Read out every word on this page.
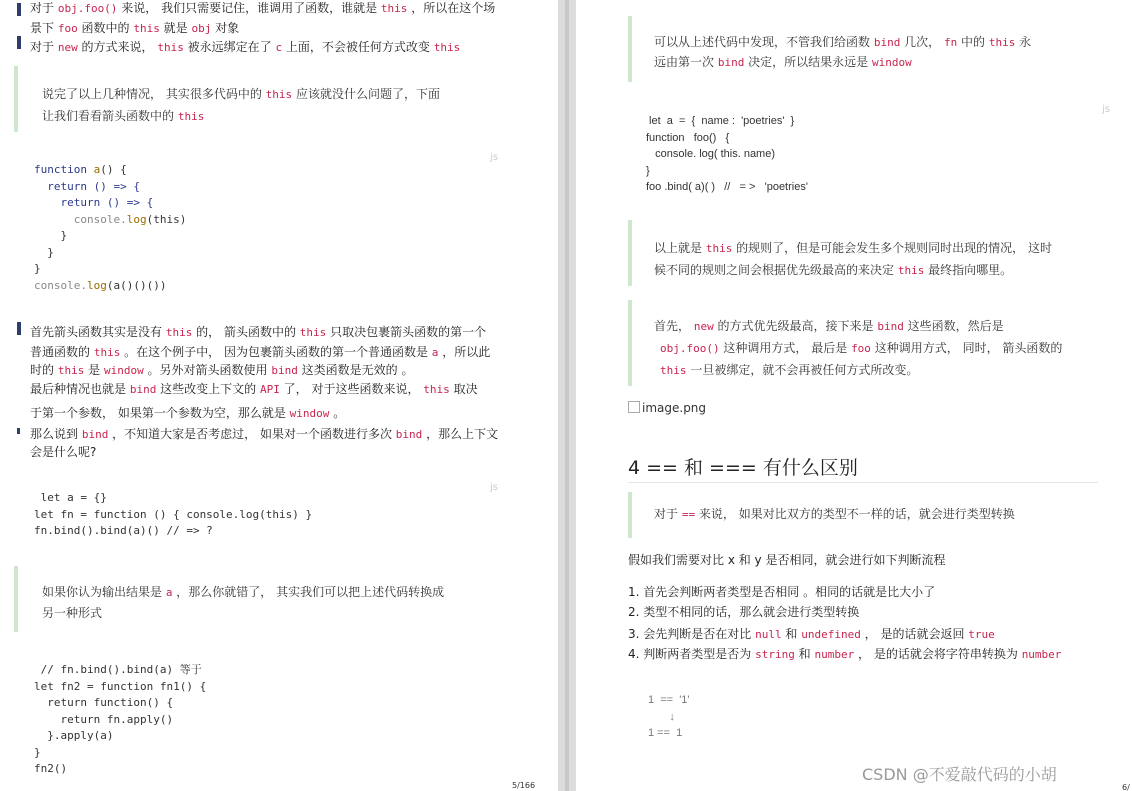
对于 obj.foo() 来说， 我们只需要记住，谁调用了函数，谁就是 this ，所以在这个场
景下 foo 函数中的 this 就是 obj 对象
对于 new 的方式来说， this 被永远绑定在了 c 上面，不会被任何方式改变 this
说完了以上几种情况， 其实很多代码中的 this 应该就没什么问题了，下面
让我们看看箭头函数中的 this
js
function a() {
return () => {
return () => {
console.log(this)
}
}
}
console.log(a()()())
首先箭头函数其实是没有 this 的， 箭头函数中的 this 只取决包裹箭头函数的第一个
普通函数的 this 。在这个例子中， 因为包裹箭头函数的第一个普通函数是 a ，所以此
时的 this 是 window 。另外对箭头函数使用 bind 这类函数是无效的 。
最后种情况也就是 bind 这些改变上下文的 API 了， 对于这些函数来说， this 取决
于第一个参数， 如果第一个参数为空，那么就是 window 。
那么说到 bind ，不知道大家是否考虑过， 如果对一个函数进行多次 bind ，那么上下文
会是什么呢?
js
let a = {}
let fn = function () { console.log(this) }
fn.bind().bind(a)() // => ?
如果你认为输出结果是 a ，那么你就错了， 其实我们可以把上述代码转换成
另一种形式
// fn.bind().bind(a) 等于
let fn2 = function fn1() {
return function() {
return fn.apply()
}.apply(a)
}
fn2()
5/166
可以从上述代码中发现，不管我们给函数 bind 几次， fn 中的 this 永
远由第一次 bind 决定，所以结果永远是 window
js
let  a  =  {  name :  'poetries'  }
function   foo()   {
console. log( this. name)
}
foo .bind( a)( )   //   = >   'poetries'
以上就是 this 的规则了，但是可能会发生多个规则同时出现的情况， 这时
候不同的规则之间会根据优先级最高的来决定 this 最终指向哪里。
首先， new 的方式优先级最高，接下来是 bind 这些函数，然后是
obj.foo() 这种调用方式， 最后是 foo 这种调用方式， 同时， 箭头函数的
this 一旦被绑定，就不会再被任何方式所改变。
image.png
4 == 和 === 有什么区别
对于 == 来说， 如果对比双方的类型不一样的话，就会进行类型转换
假如我们需要对比 x 和 y 是否相同，就会进行如下判断流程
1. 首先会判断两者类型是否相同 。相同的话就是比大小了
2. 类型不相同的话，那么就会进行类型转换
3. 会先判断是否在对比 null 和 undefined ， 是的话就会返回 true
4. 判断两者类型是否为 string 和 number ， 是的话就会将字符串转换为 number
1  ==  '1'
↓
1 ==  1
CSDN @不爱敲代码的小胡
6/
